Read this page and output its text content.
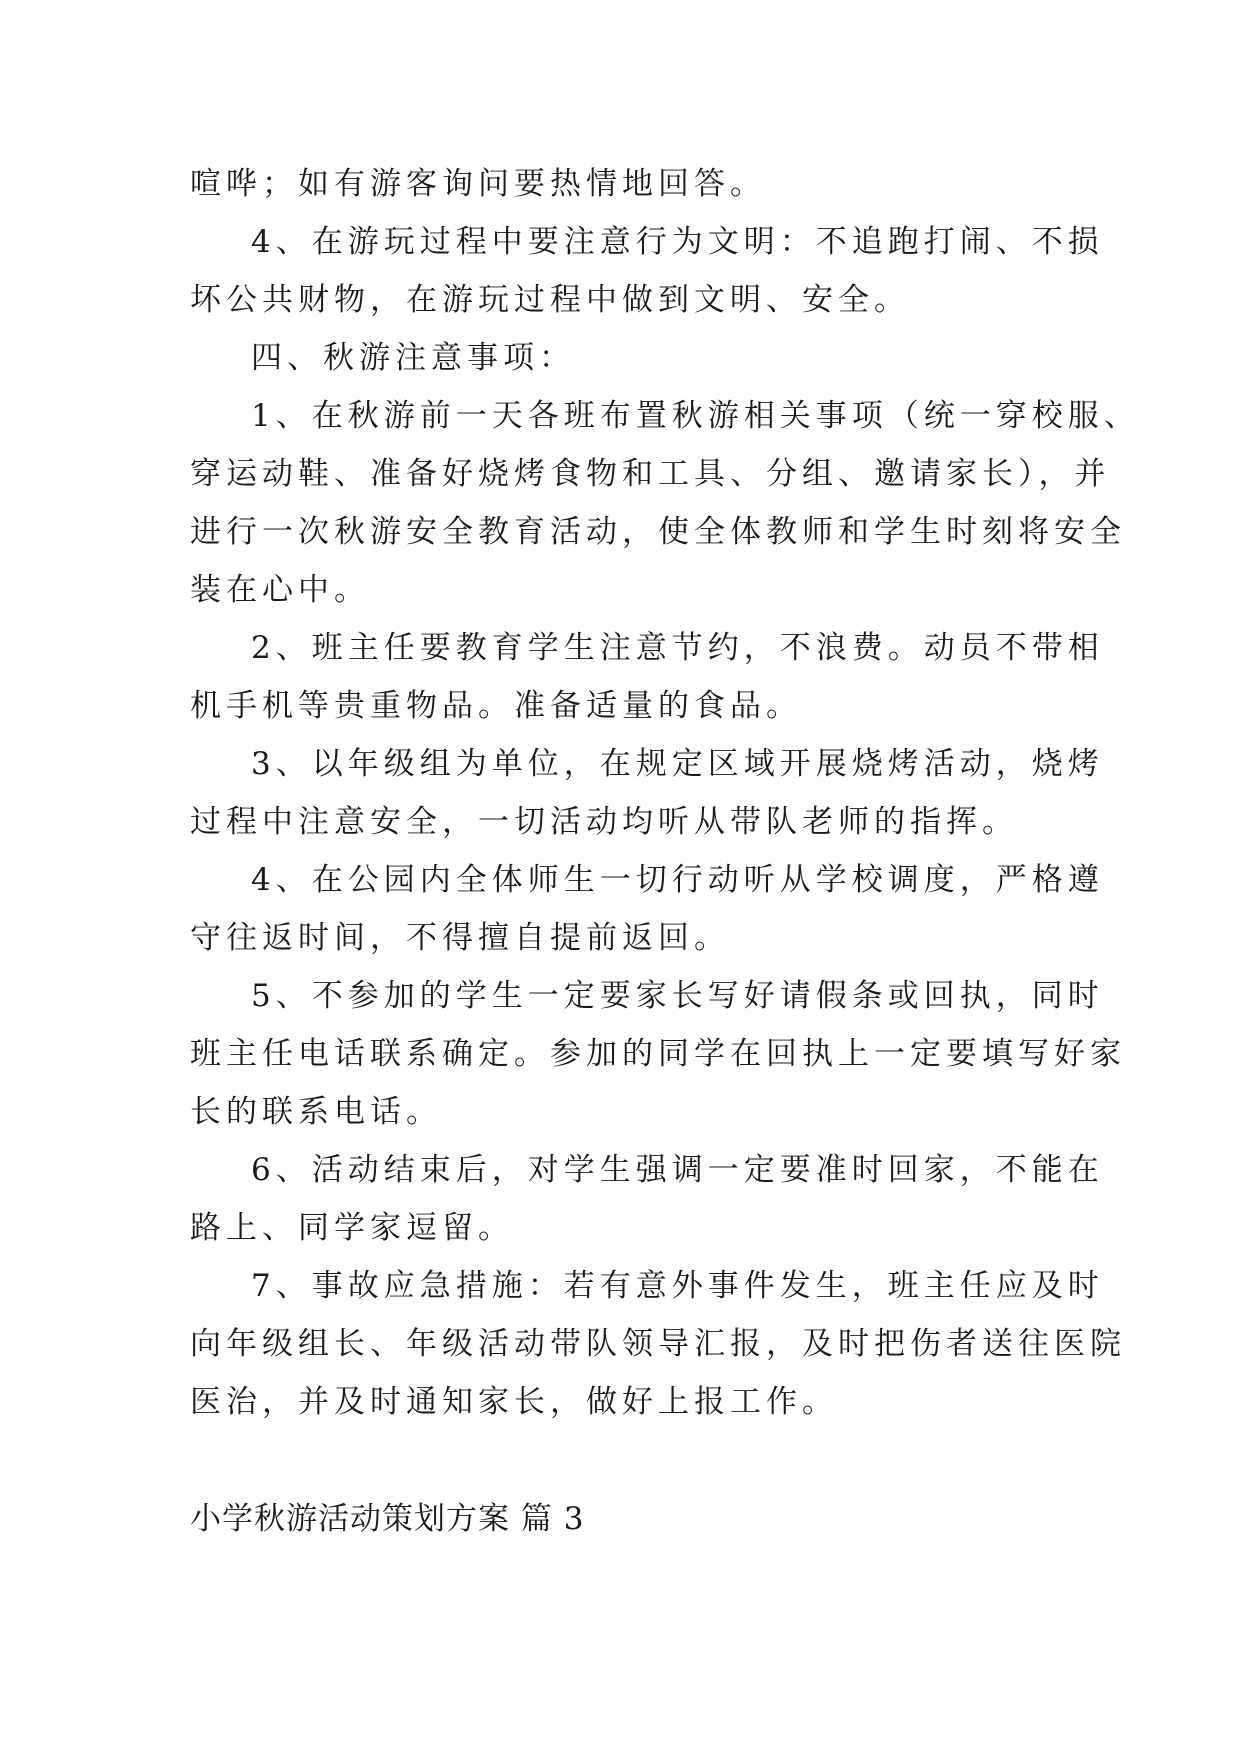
喧哗；如有游客询问要热情地回答。
4、在游玩过程中要注意行为文明：不追跑打闹、不损
坏公共财物，在游玩过程中做到文明、安全。
四、秋游注意事项：
1、在秋游前一天各班布置秋游相关事项（统一穿校服、
穿运动鞋、准备好烧烤食物和工具、分组、邀请家长），并
进行一次秋游安全教育活动，使全体教师和学生时刻将安全
装在心中。
2、班主任要教育学生注意节约，不浪费。动员不带相
机手机等贵重物品。准备适量的食品。
3、以年级组为单位，在规定区域开展烧烤活动，烧烤
过程中注意安全，一切活动均听从带队老师的指挥。
4、在公园内全体师生一切行动听从学校调度，严格遵
守往返时间，不得擅自提前返回。
5、不参加的学生一定要家长写好请假条或回执，同时
班主任电话联系确定。参加的同学在回执上一定要填写好家
长的联系电话。
6、活动结束后，对学生强调一定要准时回家，不能在
路上、同学家逗留。
7、事故应急措施：若有意外事件发生，班主任应及时
向年级组长、年级活动带队领导汇报，及时把伤者送往医院
医治，并及时通知家长，做好上报工作。
小学秋游活动策划方案 篇 3
